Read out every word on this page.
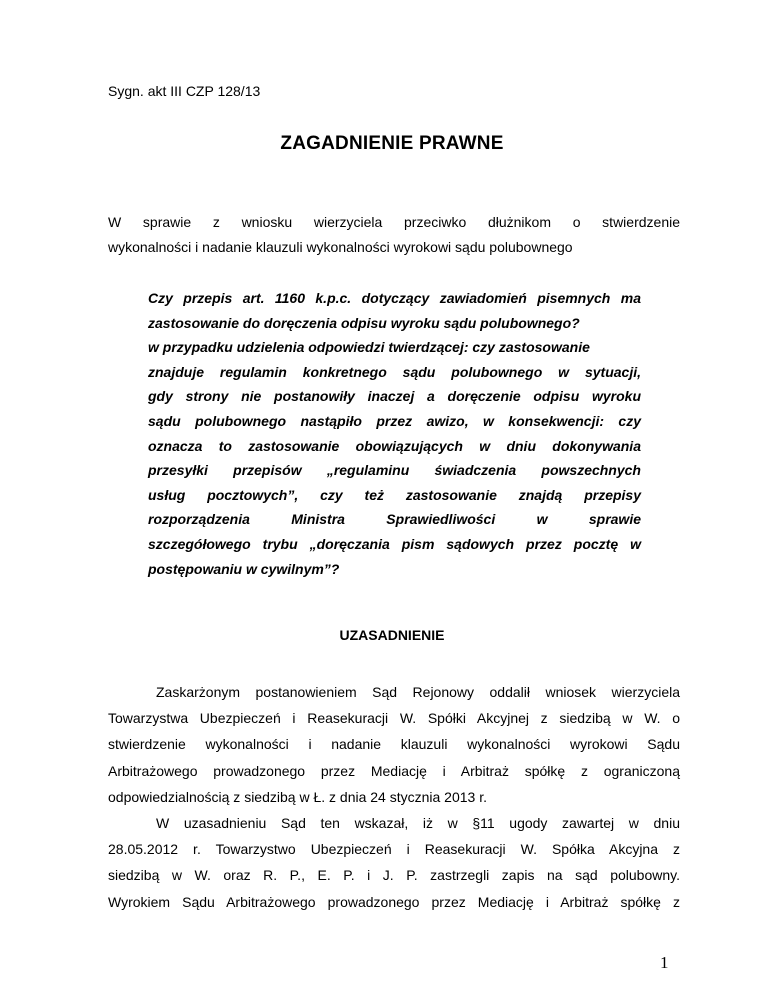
Sygn. akt III CZP 128/13
ZAGADNIENIE PRAWNE
W sprawie z wniosku wierzyciela przeciwko dłużnikom o stwierdzenie
wykonalności i nadanie klauzuli wykonalności wyrokowi sądu polubownego
Czy przepis art. 1160 k.p.c. dotyczący zawiadomień pisemnych ma
zastosowanie do doręczenia odpisu wyroku sądu polubownego?
w przypadku udzielenia odpowiedzi twierdzącej: czy zastosowanie
znajduje regulamin konkretnego sądu polubownego w sytuacji,
gdy strony nie postanowiły inaczej a doręczenie odpisu wyroku
sądu polubownego nastąpiło przez awizo, w konsekwencji: czy
oznacza to zastosowanie obowiązujących w dniu dokonywania
przesyłki przepisów „regulaminu świadczenia powszechnych
usług pocztowych”, czy też zastosowanie znajdą przepisy
rozporządzenia Ministra Sprawiedliwości w sprawie
szczegółowego trybu „doręczania pism sądowych przez pocztę w
postępowaniu w cywilnym”?
UZASADNIENIE
Zaskarżonym postanowieniem Sąd Rejonowy oddalił wniosek wierzyciela
Towarzystwa Ubezpieczeń i Reasekuracji W. Spółki Akcyjnej z siedzibą w W. o
stwierdzenie wykonalności i nadanie klauzuli wykonalności wyrokowi Sądu
Arbitrażowego prowadzonego przez Mediację i Arbitraż spółkę z ograniczoną
odpowiedzialnością z siedzibą w Ł. z dnia 24 stycznia 2013 r.
W uzasadnieniu Sąd ten wskazał, iż w §11 ugody zawartej w dniu
28.05.2012 r. Towarzystwo Ubezpieczeń i Reasekuracji W. Spółka Akcyjna z
siedzibą w W. oraz R. P., E. P. i J. P. zastrzegli zapis na sąd polubowny.
Wyrokiem Sądu Arbitrażowego prowadzonego przez Mediację i Arbitraż spółkę z
1
